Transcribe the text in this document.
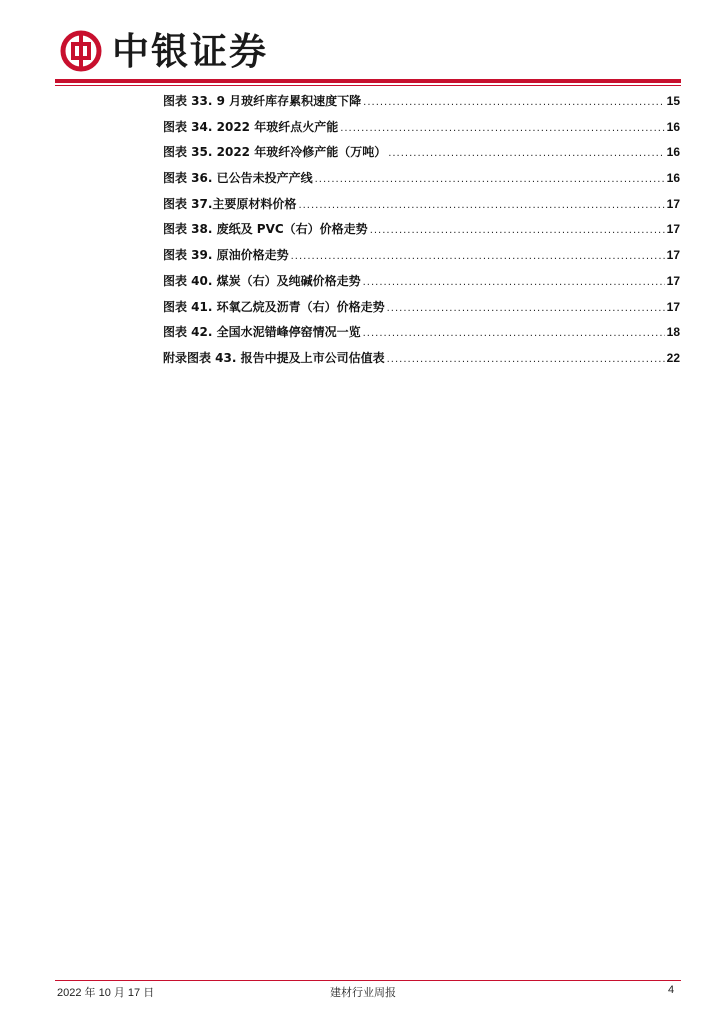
中银证券
图表 33. 9 月玻纤库存累积速度下降 .....	15
图表 34. 2022 年玻纤点火产能 .....	16
图表 35. 2022 年玻纤冷修产能（万吨） .....	16
图表 36. 已公告未投产产线 .....	16
图表 37.主要原材料价格 .....	17
图表 38. 废纸及 PVC（右）价格走势 .....	17
图表 39. 原油价格走势 .....	17
图表 40. 煤炭（右）及纯碱价格走势 .....	17
图表 41. 环氧乙烷及沥青（右）价格走势 .....	17
图表 42. 全国水泥错峰停窑情况一览 .....	18
附录图表 43. 报告中提及上市公司估值表 .....	22
2022 年 10 月 17 日	建材行业周报	4
